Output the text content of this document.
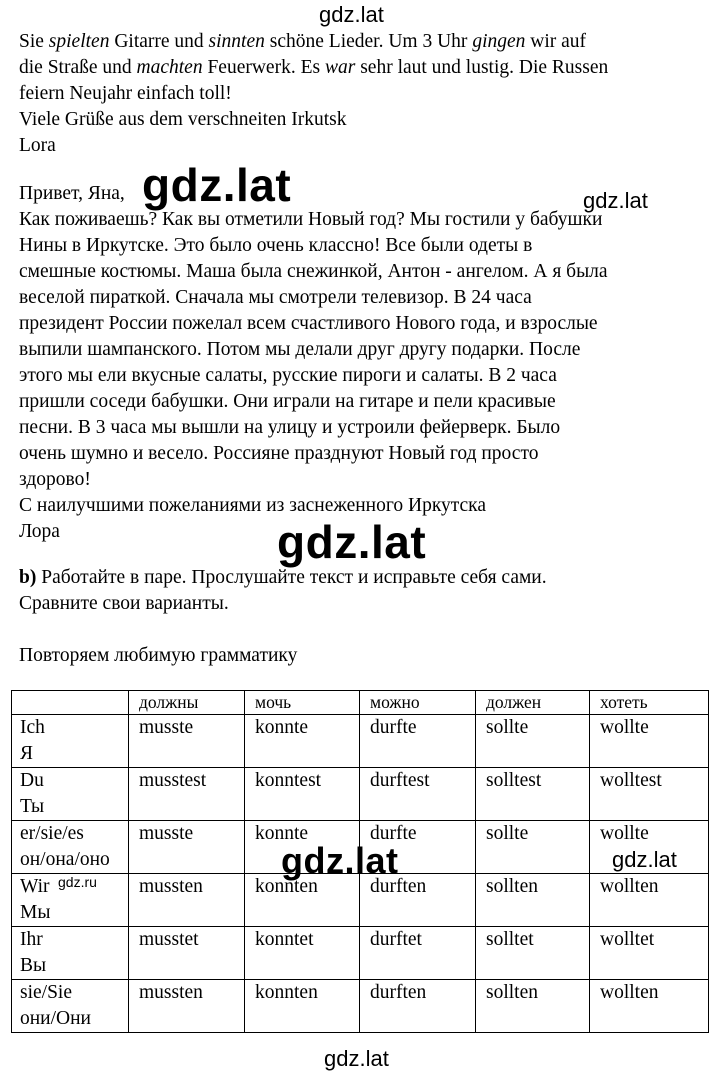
gdz.lat

Sie spielten Gitarre und sinnten schöne Lieder. Um 3 Uhr gingen wir auf

die Straße und machten Feuerwerk. Es war sehr laut und lustig. Die Russen

feiern Neujahr einfach toll!

Viele Grüße aus dem verschneiten Irkutsk

Lora

Привет, Яна,

Как поживаешь? Как вы отметили Новый год? Мы гостили у бабушки

Нины в Иркутске. Это было очень классно! Все были одеты в

смешные костюмы. Маша была снежинкой, Антон - ангелом. А я была

веселой пираткой. Сначала мы смотрели телевизор. В 24 часа

президент России пожелал всем счастливого Нового года, и взрослые

выпили шампанского. Потом мы делали друг другу подарки. После

этого мы ели вкусные салаты, русские пироги и салаты. В 2 часа

пришли соседи бабушки. Они играли на гитаре и пели красивые

песни. В 3 часа мы вышли на улицу и устроили фейерверк. Было

очень шумно и весело. Россияне празднуют Новый год просто

здорово!

С наилучшими пожеланиями из заснеженного Иркутска

Лора

gdz.lat	gdz.lat
gdz.lat

b) Работайте в паре. Прослушайте текст и исправьте себя сами.

Сравните свои варианты.

Повторяем любимую грамматику

	должны	мочь	можно	должен	хотеть

Ich
Я	musste	konnte	durfte	sollte	wollte

Du
Ты	musstest	konntest	durftest	solltest	wolltest

er/sie/es
он/она/оно	musste	konnte	durfte	sollte	wollte

Wir
Мы	mussten	konnten	durften	sollten	wollten

Ihr
Вы	musstet	konntet	durftet	solltet	wolltet

sie/Sie
они/Они	mussten	konnten	durften	sollten	wollten
gdz.lat	gdz.lat
gdz.ru
gdz.lat
